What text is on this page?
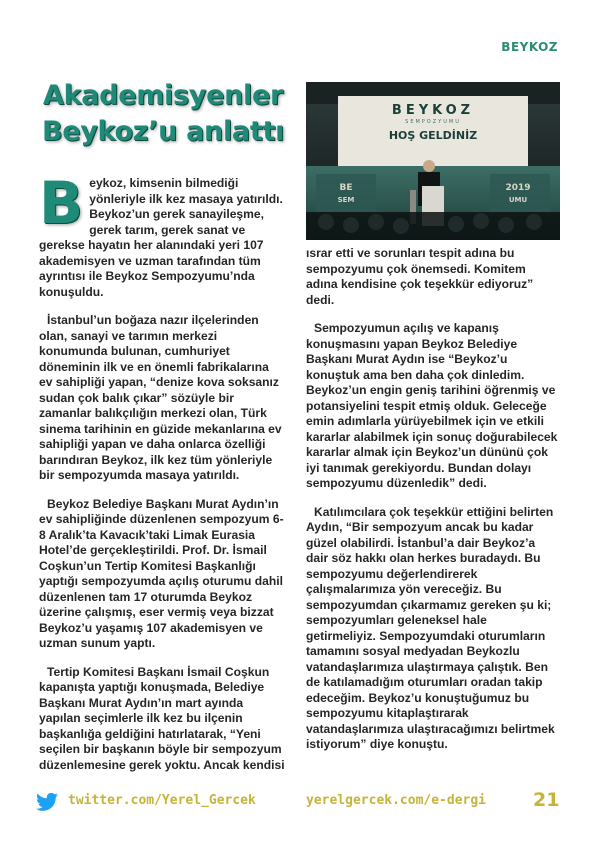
BEYKOZ
Akademisyenler
Beykoz’u anlattı
BEYKOZ
SEMPOZYUMU
HOŞ GELDİNİZ
BE	2019
SEM	UMU

Beykoz, kimsenin bilmediği yönleriyle ilk kez masaya yatırıldı. Beykoz’un gerek sanayileşme, gerek tarım, gerek sanat ve gerekse hayatın her alanındaki yeri 107 akademisyen ve uzman tarafından tüm ayrıntısı ile Beykoz Sempozyumu’nda konuşuldu.

İstanbul’un boğaza nazır ilçelerinden olan, sanayi ve tarımın merkezi konumunda bulunan, cumhuriyet döneminin ilk ve en önemli fabrikalarına ev sahipliği yapan, “denize kova soksanız sudan çok balık çıkar” sözüyle bir zamanlar balıkçılığın merkezi olan, Türk sinema tarihinin en güzide mekanlarına ev sahipliği yapan ve daha onlarca özelliği barındıran Beykoz, ilk kez tüm yönleriyle bir sempozyumda masaya yatırıldı.

Beykoz Belediye Başkanı Murat Aydın’ın ev sahipliğinde düzenlenen sempozyum 6-8 Aralık’ta Kavacık’taki Limak Eurasia Hotel’de gerçekleştirildi. Prof. Dr. İsmail Coşkun’un Tertip Komitesi Başkanlığı yaptığı sempozyumda açılış oturumu dahil düzenlenen tam 17 oturumda Beykoz üzerine çalışmış, eser vermiş veya bizzat Beykoz’u yaşamış 107 akademisyen ve uzman sunum yaptı.

Tertip Komitesi Başkanı İsmail Coşkun kapanışta yaptığı konuşmada, Belediye Başkanı Murat Aydın’ın mart ayında yapılan seçimlerle ilk kez bu ilçenin başkanlığa geldiğini hatırlatarak, “Yeni seçilen bir başkanın böyle bir sempozyum düzenlemesine gerek yoktu. Ancak kendisi

ısrar etti ve sorunları tespit adına bu sempozyumu çok önemsedi. Komitem adına kendisine çok teşekkür ediyoruz” dedi.

Sempozyumun açılış ve kapanış konuşmasını yapan Beykoz Belediye Başkanı Murat Aydın ise “Beykoz’u konuştuk ama ben daha çok dinledim. Beykoz’un engin geniş tarihini öğrenmiş ve potansiyelini tespit etmiş olduk. Geleceğe emin adımlarla yürüyebilmek için ve etkili kararlar alabilmek için sonuç doğurabilecek kararlar almak için Beykoz’un dününü çok iyi tanımak gerekiyordu. Bundan dolayı sempozyumu düzenledik” dedi.

Katılımcılara çok teşekkür ettiğini belirten Aydın, “Bir sempozyum ancak bu kadar güzel olabilirdi. İstanbul’a dair Beykoz’a dair söz hakkı olan herkes buradaydı. Bu sempozyumu değerlendirerek çalışmalarımıza yön vereceğiz. Bu sempozyumdan çıkarmamız gereken şu ki; sempozyumları geleneksel hale getirmeliyiz. Sempozyumdaki oturumların tamamını sosyal medyadan Beykozlu vatandaşlarımıza ulaştırmaya çalıştık. Ben de katılamadığım oturumları oradan takip edeceğim. Beykoz’u konuştuğumuz bu sempozyumu kitaplaştırarak vatandaşlarımıza ulaştıracağımızı belirtmek istiyorum” diye konuştu.

twitter.com/Yerel_Gercek	yerelgercek.com/e-dergi 21
